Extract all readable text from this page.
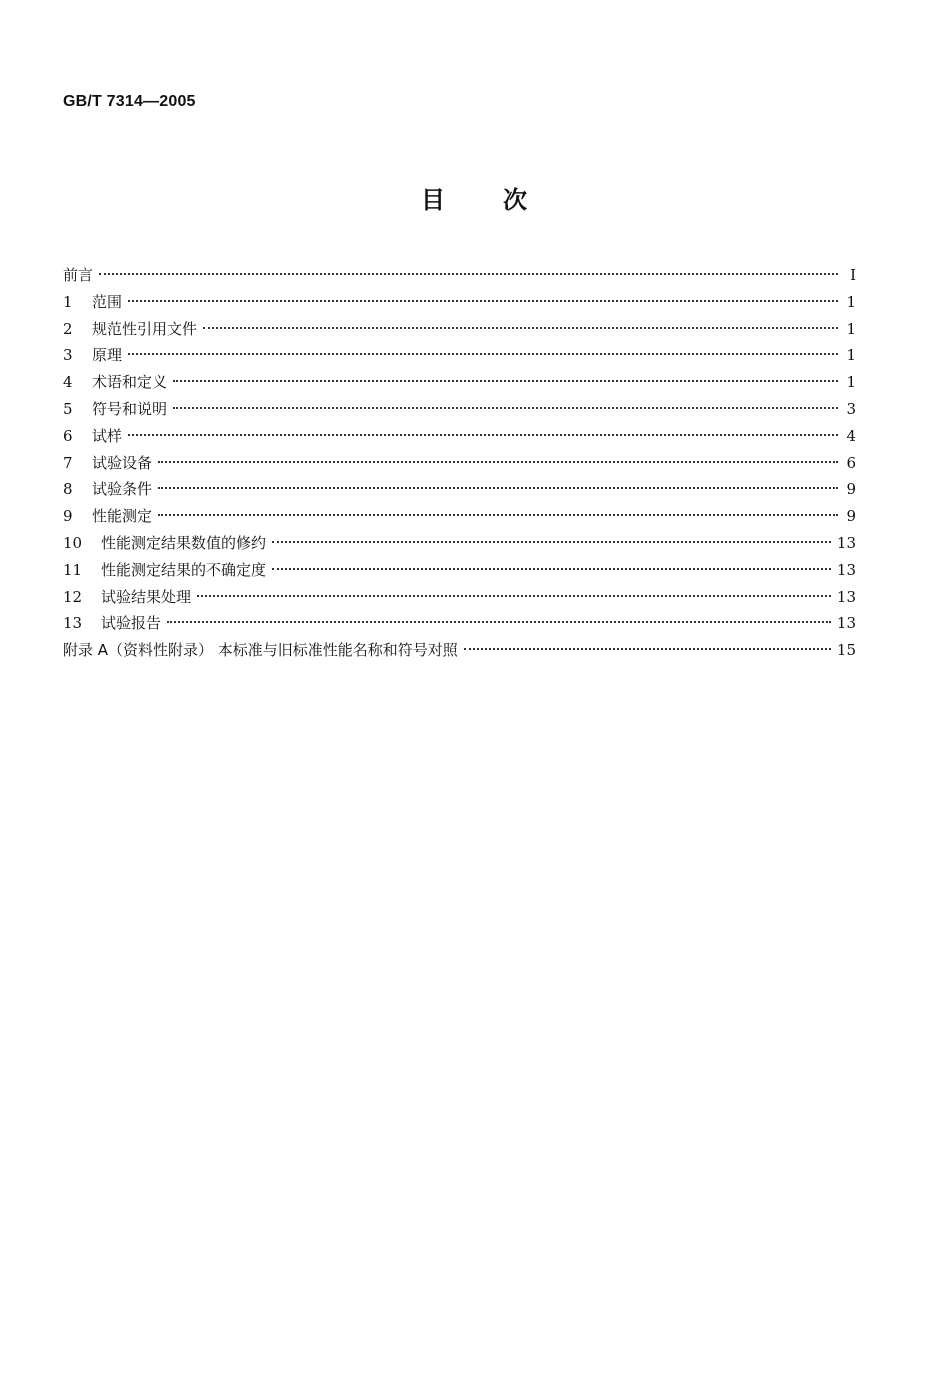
GB/T 7314—2005
目 次
前言	I
1	范围	1
2	规范性引用文件	1
3	原理	1
4	术语和定义	1
5	符号和说明	3
6	试样	4
7	试验设备	6
8	试验条件	9
9	性能测定	9
10	性能测定结果数值的修约	13
11	性能测定结果的不确定度	13
12	试验结果处理	13
13	试验报告	13
附录 A（资料性附录） 本标准与旧标准性能名称和符号对照	15
